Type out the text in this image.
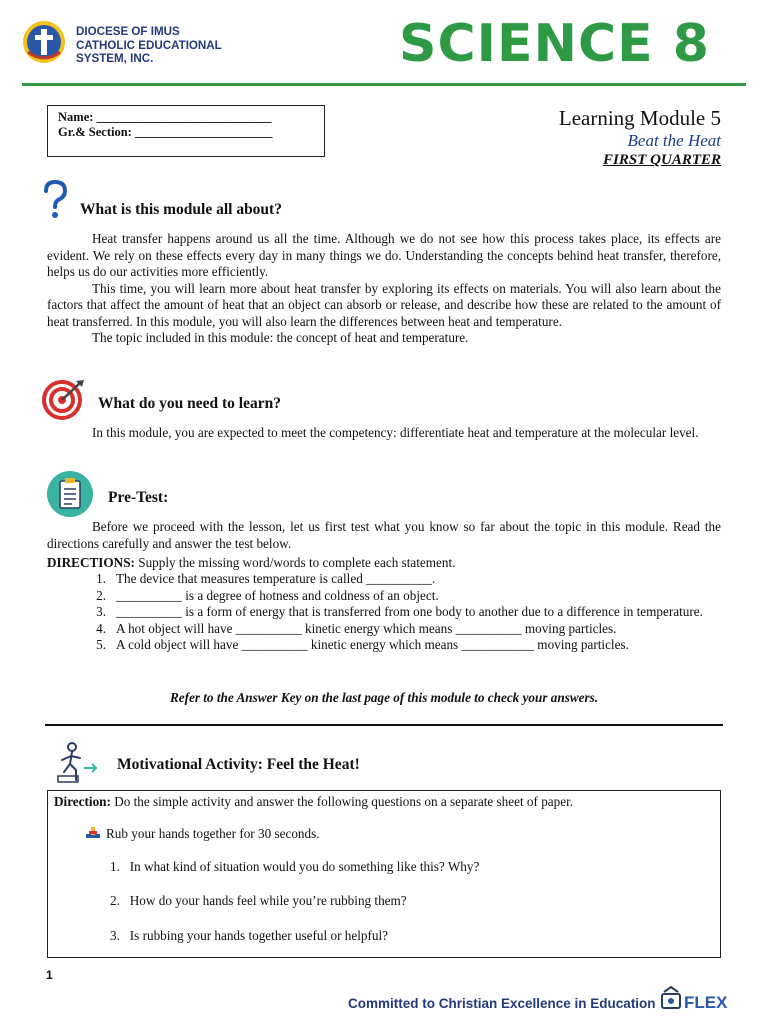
DIOCESE OF IMUS
CATHOLIC EDUCATIONAL
SYSTEM, INC.	SCIENCE 8
Name: ____________________________
Gr.& Section: ______________________
Learning Module 5
Beat the Heat
FIRST QUARTER
What is this module all about?

Heat transfer happens around us all the time. Although we do not see how this process takes place, its effects are evident. We rely on these effects every day in many things we do. Understanding the concepts behind heat transfer, therefore, helps us do our activities more efficiently.

This time, you will learn more about heat transfer by exploring its effects on materials. You will also learn about the factors that affect the amount of heat that an object can absorb or release, and describe how these are related to the amount of heat transferred. In this module, you will also learn the differences between heat and temperature.

The topic included in this module: the concept of heat and temperature.

What do you need to learn?

In this module, you are expected to meet the competency: differentiate heat and temperature at the molecular level.

Pre-Test:

Before we proceed with the lesson, let us first test what you know so far about the topic in this module. Read the directions carefully and answer the test below.

DIRECTIONS: Supply the missing word/words to complete each statement.
1. The device that measures temperature is called __________.
2. __________ is a degree of hotness and coldness of an object.
3. __________ is a form of energy that is transferred from one body to another due to a difference in temperature.
4. A hot object will have __________ kinetic energy which means __________ moving particles.
5. A cold object will have __________ kinetic energy which means ___________ moving particles.
Refer to the Answer Key on the last page of this module to check your answers.
Motivational Activity: Feel the Heat!
Direction: Do the simple activity and answer the following questions on a separate sheet of paper.
Rub your hands together for 30 seconds.
1. In what kind of situation would you do something like this? Why?
2. How do your hands feel while you’re rubbing them?
3. Is rubbing your hands together useful or helpful?
1
Committed to Christian Excellence in Education FLEX
